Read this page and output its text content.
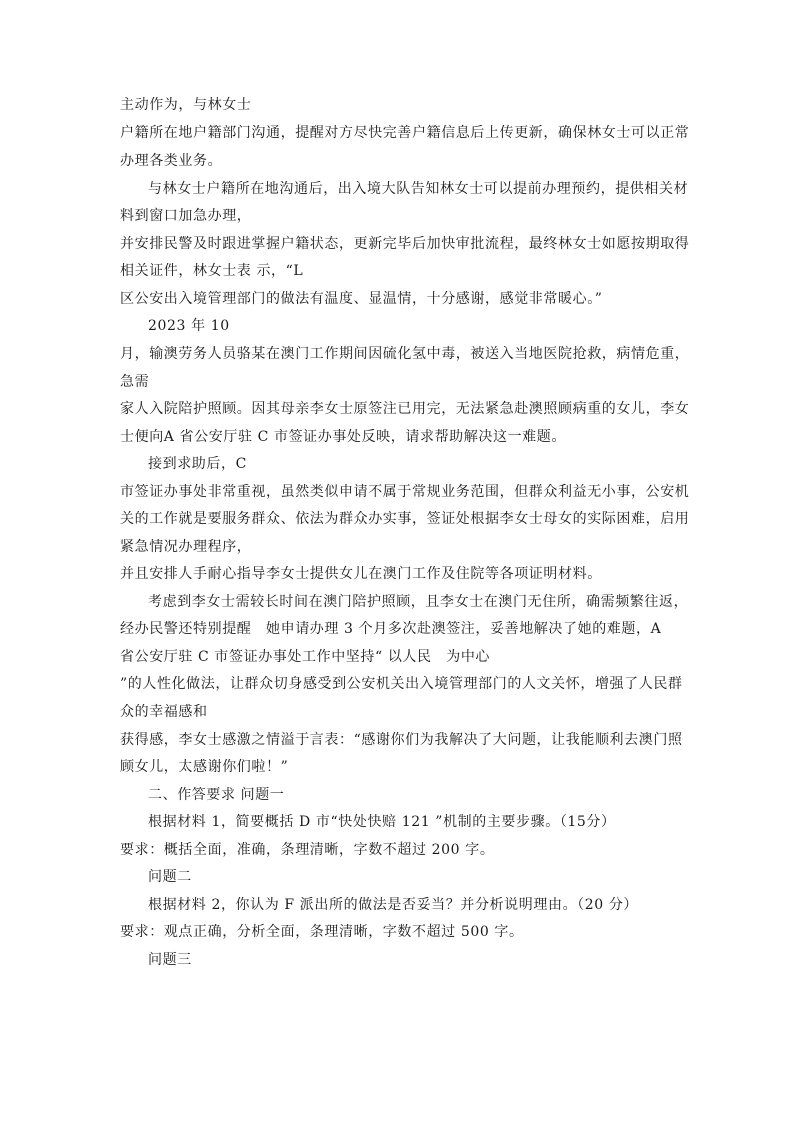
主动作为，与林女士
户籍所在地户籍部门沟通，提醒对方尽快完善户籍信息后上传更新，确保林女士可以正常
办理各类业务。
与林女士户籍所在地沟通后，出入境大队告知林女士可以提前办理预约，提供相关材
料到窗口加急办理，
并安排民警及时跟进掌握户籍状态，更新完毕后加快审批流程，最终林女士如愿按期取得
相关证件，林女士表 示，“L
区公安出入境管理部门的做法有温度、显温情，十分感谢，感觉非常暖心。”
2023 年 10
月，输澳劳务人员骆某在澳门工作期间因硫化氢中毒，被送入当地医院抢救，病情危重，
急需
家人入院陪护照顾。因其母亲李女士原签注已用完，无法紧急赴澳照顾病重的女儿，李女
士便向A 省公安厅驻 C 市签证办事处反映，请求帮助解决这一难题。
接到求助后，C
市签证办事处非常重视，虽然类似申请不属于常规业务范围，但群众利益无小事，公安机
关的工作就是要服务群众、依法为群众办实事，签证处根据李女士母女的实际困难，启用
紧急情况办理程序，
并且安排人手耐心指导李女士提供女儿在澳门工作及住院等各项证明材料。
考虑到李女士需较长时间在澳门陪护照顾，且李女士在澳门无住所，确需频繁往返，
经办民警还特别提醒　她申请办理 3 个月多次赴澳签注，妥善地解决了她的难题，A
省公安厅驻 C 市签证办事处工作中坚持“ 以人民　为中心
”的人性化做法，让群众切身感受到公安机关出入境管理部门的人文关怀，增强了人民群
众的幸福感和
获得感，李女士感激之情溢于言表：“感谢你们为我解决了大问题，让我能顺利去澳门照
顾女儿，太感谢你们啦！”
二、作答要求 问题一
根据材料 1，简要概括 D 市“快处快赔 121 ”机制的主要步骤。（15分）
要求：概括全面，准确，条理清晰，字数不超过 200 字。
问题二
根据材料 2，你认为 F 派出所的做法是否妥当？并分析说明理由。（20 分）
要求：观点正确，分析全面，条理清晰，字数不超过 500 字。
问题三
